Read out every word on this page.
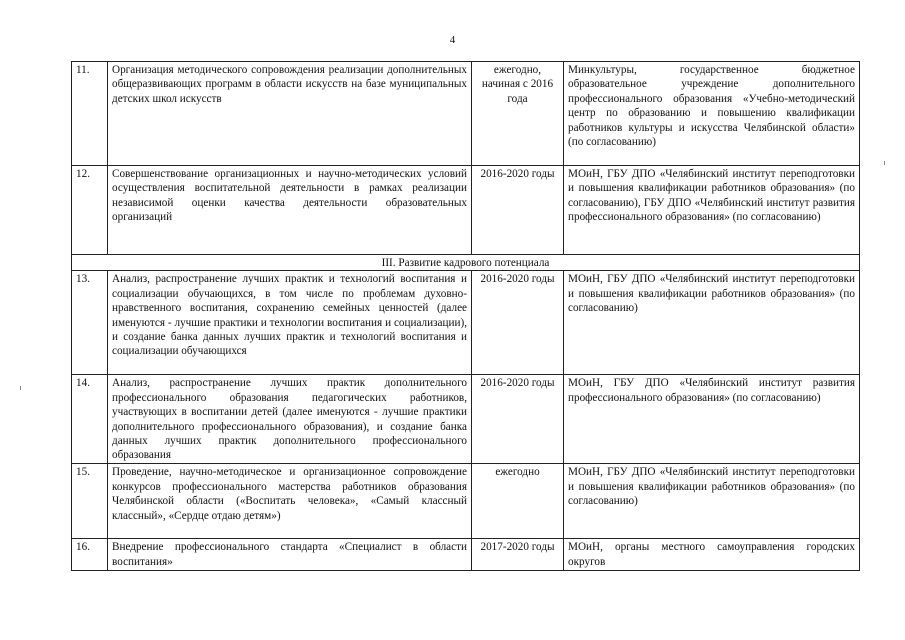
4
11.	Организация методического сопровождения реализации дополнительных общеразвивающих программ в области искусств на базе муниципальных детских школ искусств	ежегодно, начиная с 2016 года	Минкультуры, государственное бюджетное образовательное учреждение дополнительного профессионального образования «Учебно-методический центр по образованию и повышению квалификации работников культуры и искусства Челябинской области» (по согласованию)
12.	Совершенствование организационных и научно-методических условий осуществления воспитательной деятельности в рамках реализации независимой оценки качества деятельности образовательных организаций	2016-2020 годы	МОиН, ГБУ ДПО «Челябинский институт переподготовки и повышения квалификации работников образования» (по согласованию), ГБУ ДПО «Челябинский институт развития профессионального образования» (по согласованию)
III. Развитие кадрового потенциала			
13.	Анализ, распространение лучших практик и технологий воспитания и социализации обучающихся, в том числе по проблемам духовно-нравственного воспитания, сохранению семейных ценностей (далее именуются - лучшие практики и технологии воспитания и социализации), и создание банка данных лучших практик и технологий воспитания и социализации обучающихся	2016-2020 годы	МОиН, ГБУ ДПО «Челябинский институт переподготовки и повышения квалификации работников образования» (по согласованию)
14.	Анализ, распространение лучших практик дополнительного профессионального образования педагогических работников, участвующих в воспитании детей (далее именуются - лучшие практики дополнительного профессионального образования), и создание банка данных лучших практик дополнительного профессионального образования	2016-2020 годы	МОиН, ГБУ ДПО «Челябинский институт развития профессионального образования» (по согласованию)
15.	Проведение, научно-методическое и организационное сопровождение конкурсов профессионального мастерства работников образования Челябинской области («Воспитать человека», «Самый классный классный», «Сердце отдаю детям»)	ежегодно	МОиН, ГБУ ДПО «Челябинский институт переподготовки и повышения квалификации работников образования» (по согласованию)
16.	Внедрение профессионального стандарта «Специалист в области воспитания»	2017-2020 годы	МОиН, органы местного самоуправления городских округов
